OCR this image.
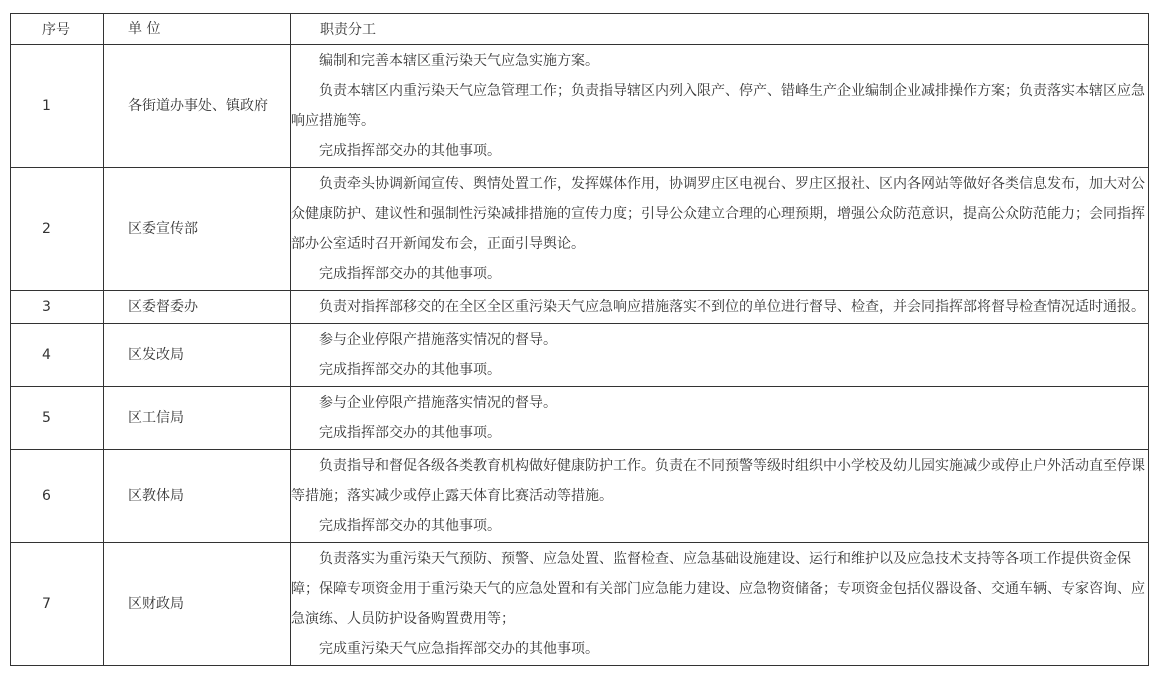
序号	单 位	职责分工
1	各街道办事处、镇政府	编制和完善本辖区重污染天气应急实施方案。

负责本辖区内重污染天气应急管理工作；负责指导辖区内列入限产、停产、错峰生产企业编制企业减排操作方案；负责落实本辖区应急响应措施等。

完成指挥部交办的其他事项。

2	区委宣传部	负责牵头协调新闻宣传、舆情处置工作，发挥媒体作用，协调罗庄区电视台、罗庄区报社、区内各网站等做好各类信息发布，加大对公众健康防护、建议性和强制性污染减排措施的宣传力度；引导公众建立合理的心理预期，增强公众防范意识，提高公众防范能力；会同指挥部办公室适时召开新闻发布会，正面引导舆论。

完成指挥部交办的其他事项。

3	区委督委办	负责对指挥部移交的在全区全区重污染天气应急响应措施落实不到位的单位进行督导、检查，并会同指挥部将督导检查情况适时通报。

4	区发改局	参与企业停限产措施落实情况的督导。

完成指挥部交办的其他事项。

5	区工信局	参与企业停限产措施落实情况的督导。

完成指挥部交办的其他事项。

6	区教体局	负责指导和督促各级各类教育机构做好健康防护工作。负责在不同预警等级时组织中小学校及幼儿园实施减少或停止户外活动直至停课等措施；落实减少或停止露天体育比赛活动等措施。

完成指挥部交办的其他事项。

7	区财政局	负责落实为重污染天气预防、预警、应急处置、监督检查、应急基础设施建设、运行和维护以及应急技术支持等各项工作提供资金保障；保障专项资金用于重污染天气的应急处置和有关部门应急能力建设、应急物资储备；专项资金包括仪器设备、交通车辆、专家咨询、应急演练、人员防护设备购置费用等；

完成重污染天气应急指挥部交办的其他事项。
